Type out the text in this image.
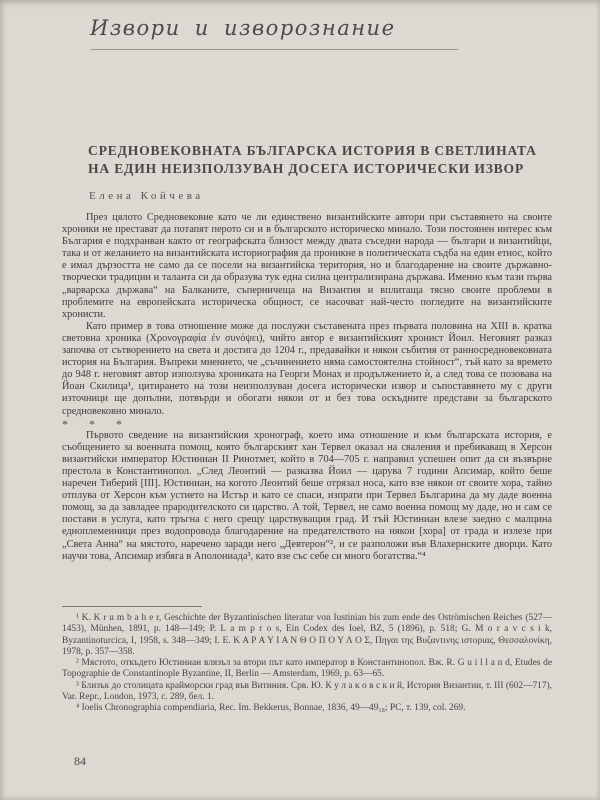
Извори и изворознание
СРЕДНОВЕКОВНАТА БЪЛГАРСКА ИСТОРИЯ В СВЕТЛИНАТА
НА ЕДИН НЕИЗПОЛЗУВАН ДОСЕГА ИСТОРИЧЕСКИ ИЗВОР
Елена Койчева

През цялото Средновековие като че ли единствено византийските автори при съставянето на своите хроники не престават да потапят перото си и в българското историческо минало. Този постоянен интерес към България е подхранван както от географската близост между двата съседни народа — българи и византийци, така и от желанието на византийската историография да проникне в политическата съдба на един етнос, който е имал дързостта не само да се посели на византийска територия, но и благодарение на своите държавно-творчески традиции и таланта си да образува тук една силна централизирана държава. Именно към тази първа „варварска държава“ на Балканите, съперничеща на Византия и вплитаща тясно своите проблеми в проблемите на европейската историческа общност, се насочват най-често погледите на византийските хронисти.

Като пример в това отношение може да послужи съставената през първата половина на XIII в. кратка световна хроника (Χρονογραφία ἐν συνόψει), чийто автор е византийският хронист Йоил. Неговият разказ започва от сътворението на света и достига до 1204 г., предавайки и някои събития от ранносредновековната история на България. Въпреки мнението, че „съчинението няма самостоятелна стойност“, тъй като за времето до 948 г. неговият автор използува хрониката на Георги Монах и продължението ѝ, а след това се позовава на Йоан Скилица¹, цитирането на този неизползуван досега исторически извор и съпоставянето му с други източници ще допълни, потвърди и обогати някои от и без това оскъдните представи за българското средновековно минало.

* * *

Първото сведение на византийския хронограф, което има отношение и към българската история, е съобщението за военната помощ, която българският хан Тервел оказал на сваления и пребиваващ в Херсон византийски император Юстиниан II Ринотмет, който в 704—705 г. направил успешен опит да си възвърне престола в Константинопол. „След Леонтий — разказва Йоил — царува 7 години Апсимар, който беше наречен Тиберий [III]. Юстиниан, на когото Леонтий беше отрязал носа, като взе някои от своите хора, тайно отплува от Херсон към устието на Истър и като се спаси, изпрати при Тервел Българина да му даде военна помощ, за да завладее прародителското си царство. А той, Тервел, не само военна помощ му даде, но и сам се постави в услуга, като тръгна с него срещу царствуващия град. И тъй Юстиниан влезе заедно с малцина едноплеменници през водопровода благодарение на предателството на някои [хора] от града и излезе при „Света Анна“ на мястото, наречено заради него „Девтерон“², и се разположи във Влахернските дворци. Като научи това, Апсимар избяга в Аполониада³, като взе със себе си много богатства.“⁴

¹ K. K r u m b a h e r, Geschichte der Byzantinischen literatur von Iustinian bis zum ende des Oströmischen Reiches (527—1453), Münhen, 1891, p. 148—149; P. L a m p r o s, Ein Codex des Ioel, BZ, 5 (1896), p. 518; G. M o r a v c s i k, Byzantinoturcica, I, 1958, s. 348—349; I. E. Κ Α Ρ Α Υ Ι Α Ν Θ Ο Π Ο Υ Λ Ο Σ, Πηγαι της Βυζαντινης ιστοριας, Θεσσαλονίκη, 1978, p. 357—358.

² Мястото, откъдето Юстиниан влязъл за втори път като император в Константинопол. Вж. R. G u i l l a n d, Etudes de Topographie de Constantinople Byzantine, II, Berlin — Amsterdam, 1969, p. 63—65.

³ Близък до столицата крайморски град във Витиния. Срв. Ю. К у л а к о в с к и й, История Византии, т. III (602—717), Var. Repr., London, 1973, с. 289, бел. 1.

⁴ Ioelis Chronographia compendiaria, Rec. Im. Bekkerus, Bonnae, 1836, 49—49₁₈; PC, т. 139, col. 269.

84
